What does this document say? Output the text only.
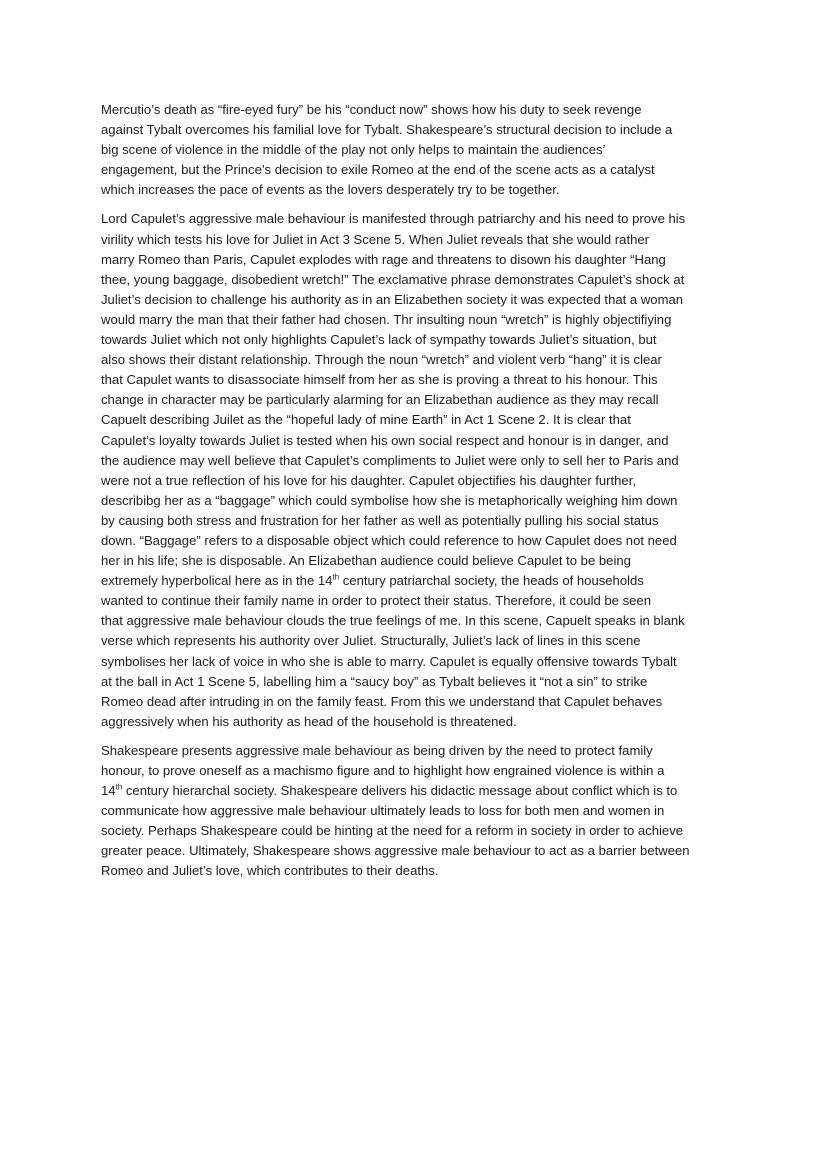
Mercutio’s death as “fire-eyed fury” be his “conduct now” shows how his duty to seek revenge
against Tybalt overcomes his familial love for Tybalt. Shakespeare’s structural decision to include a
big scene of violence in the middle of the play not only helps to maintain the audiences’
engagement, but the Prince’s decision to exile Romeo at the end of the scene acts as a catalyst
which increases the pace of events as the lovers desperately try to be together.

Lord Capulet’s aggressive male behaviour is manifested through patriarchy and his need to prove his
virility which tests his love for Juliet in Act 3 Scene 5. When Juliet reveals that she would rather
marry Romeo than Paris, Capulet explodes with rage and threatens to disown his daughter “Hang
thee, young baggage, disobedient wretch!” The exclamative phrase demonstrates Capulet’s shock at
Juliet’s decision to challenge his authority as in an Elizabethen society it was expected that a woman
would marry the man that their father had chosen. Thr insulting noun “wretch” is highly objectifiying
towards Juliet which not only highlights Capulet’s lack of sympathy towards Juliet’s situation, but
also shows their distant relationship. Through the noun “wretch” and violent verb “hang” it is clear
that Capulet wants to disassociate himself from her as she is proving a threat to his honour. This
change in character may be particularly alarming for an Elizabethan audience as they may recall
Capuelt describing Juilet as the “hopeful lady of mine Earth” in Act 1 Scene 2. It is clear that
Capulet’s loyalty towards Juliet is tested when his own social respect and honour is in danger, and
the audience may well believe that Capulet’s compliments to Juliet were only to sell her to Paris and
were not a true reflection of his love for his daughter. Capulet objectifies his daughter further,
describibg her as a “baggage” which could symbolise how she is metaphorically weighing him down
by causing both stress and frustration for her father as well as potentially pulling his social status
down. “Baggage” refers to a disposable object which could reference to how Capulet does not need
her in his life; she is disposable. An Elizabethan audience could believe Capulet to be being
extremely hyperbolical here as in the 14th century patriarchal society, the heads of households
wanted to continue their family name in order to protect their status. Therefore, it could be seen
that aggressive male behaviour clouds the true feelings of me. In this scene, Capuelt speaks in blank
verse which represents his authority over Juliet. Structurally, Juliet’s lack of lines in this scene
symbolises her lack of voice in who she is able to marry. Capulet is equally offensive towards Tybalt
at the ball in Act 1 Scene 5, labelling him a “saucy boy” as Tybalt believes it “not a sin” to strike
Romeo dead after intruding in on the family feast. From this we understand that Capulet behaves
aggressively when his authority as head of the household is threatened.

Shakespeare presents aggressive male behaviour as being driven by the need to protect family
honour, to prove oneself as a machismo figure and to highlight how engrained violence is within a
14th century hierarchal society. Shakespeare delivers his didactic message about conflict which is to
communicate how aggressive male behaviour ultimately leads to loss for both men and women in
society. Perhaps Shakespeare could be hinting at the need for a reform in society in order to achieve
greater peace. Ultimately, Shakespeare shows aggressive male behaviour to act as a barrier between
Romeo and Juliet’s love, which contributes to their deaths.
